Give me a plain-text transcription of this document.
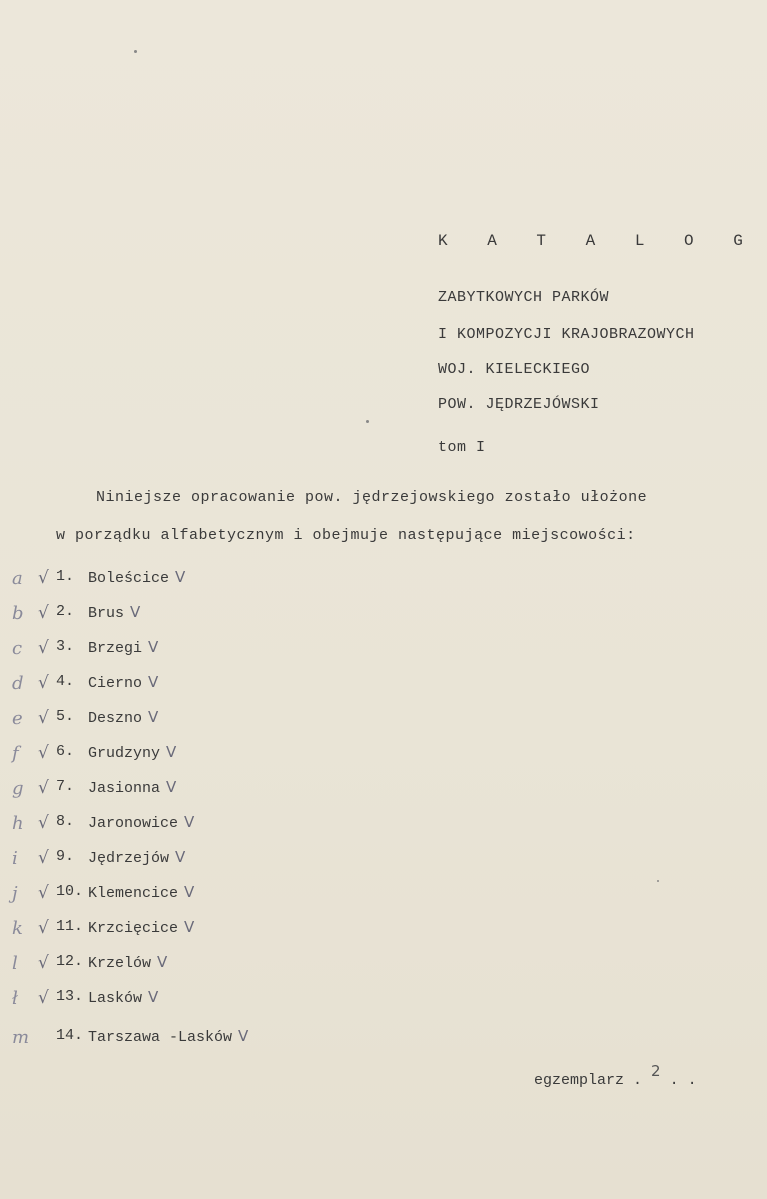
K A T A L O G
ZABYTKOWYCH PARKÓW
I KOMPOZYCJI KRAJOBRAZOWYCH
WOJ. KIELECKIEGO
POW. JĘDRZEJÓWSKI
tom I
Niniejsze opracowanie pow. jędrzejowskiego zostało ułożone
w porządku alfabetycznym i obejmuje następujące miejscowości:
a √ 1. Boleścice V
b √ 2. Brus V
c √ 3. Brzegi V
d √ 4. Cierno V
e √ 5. Deszno V
f	√ 6. Grudzyny V
g √ 7. Jasionna V
h √ 8. Jaronowice V
i	√ 9. Jędrzejów V
j	√ 10. Klemencice V
k √ 11. Krzcięcice V
l	√ 12. Krzelów V
ł	√ 13. Lasków V
m	14. Tarszawa -Lasków V
egzemplarz . 2 . .
